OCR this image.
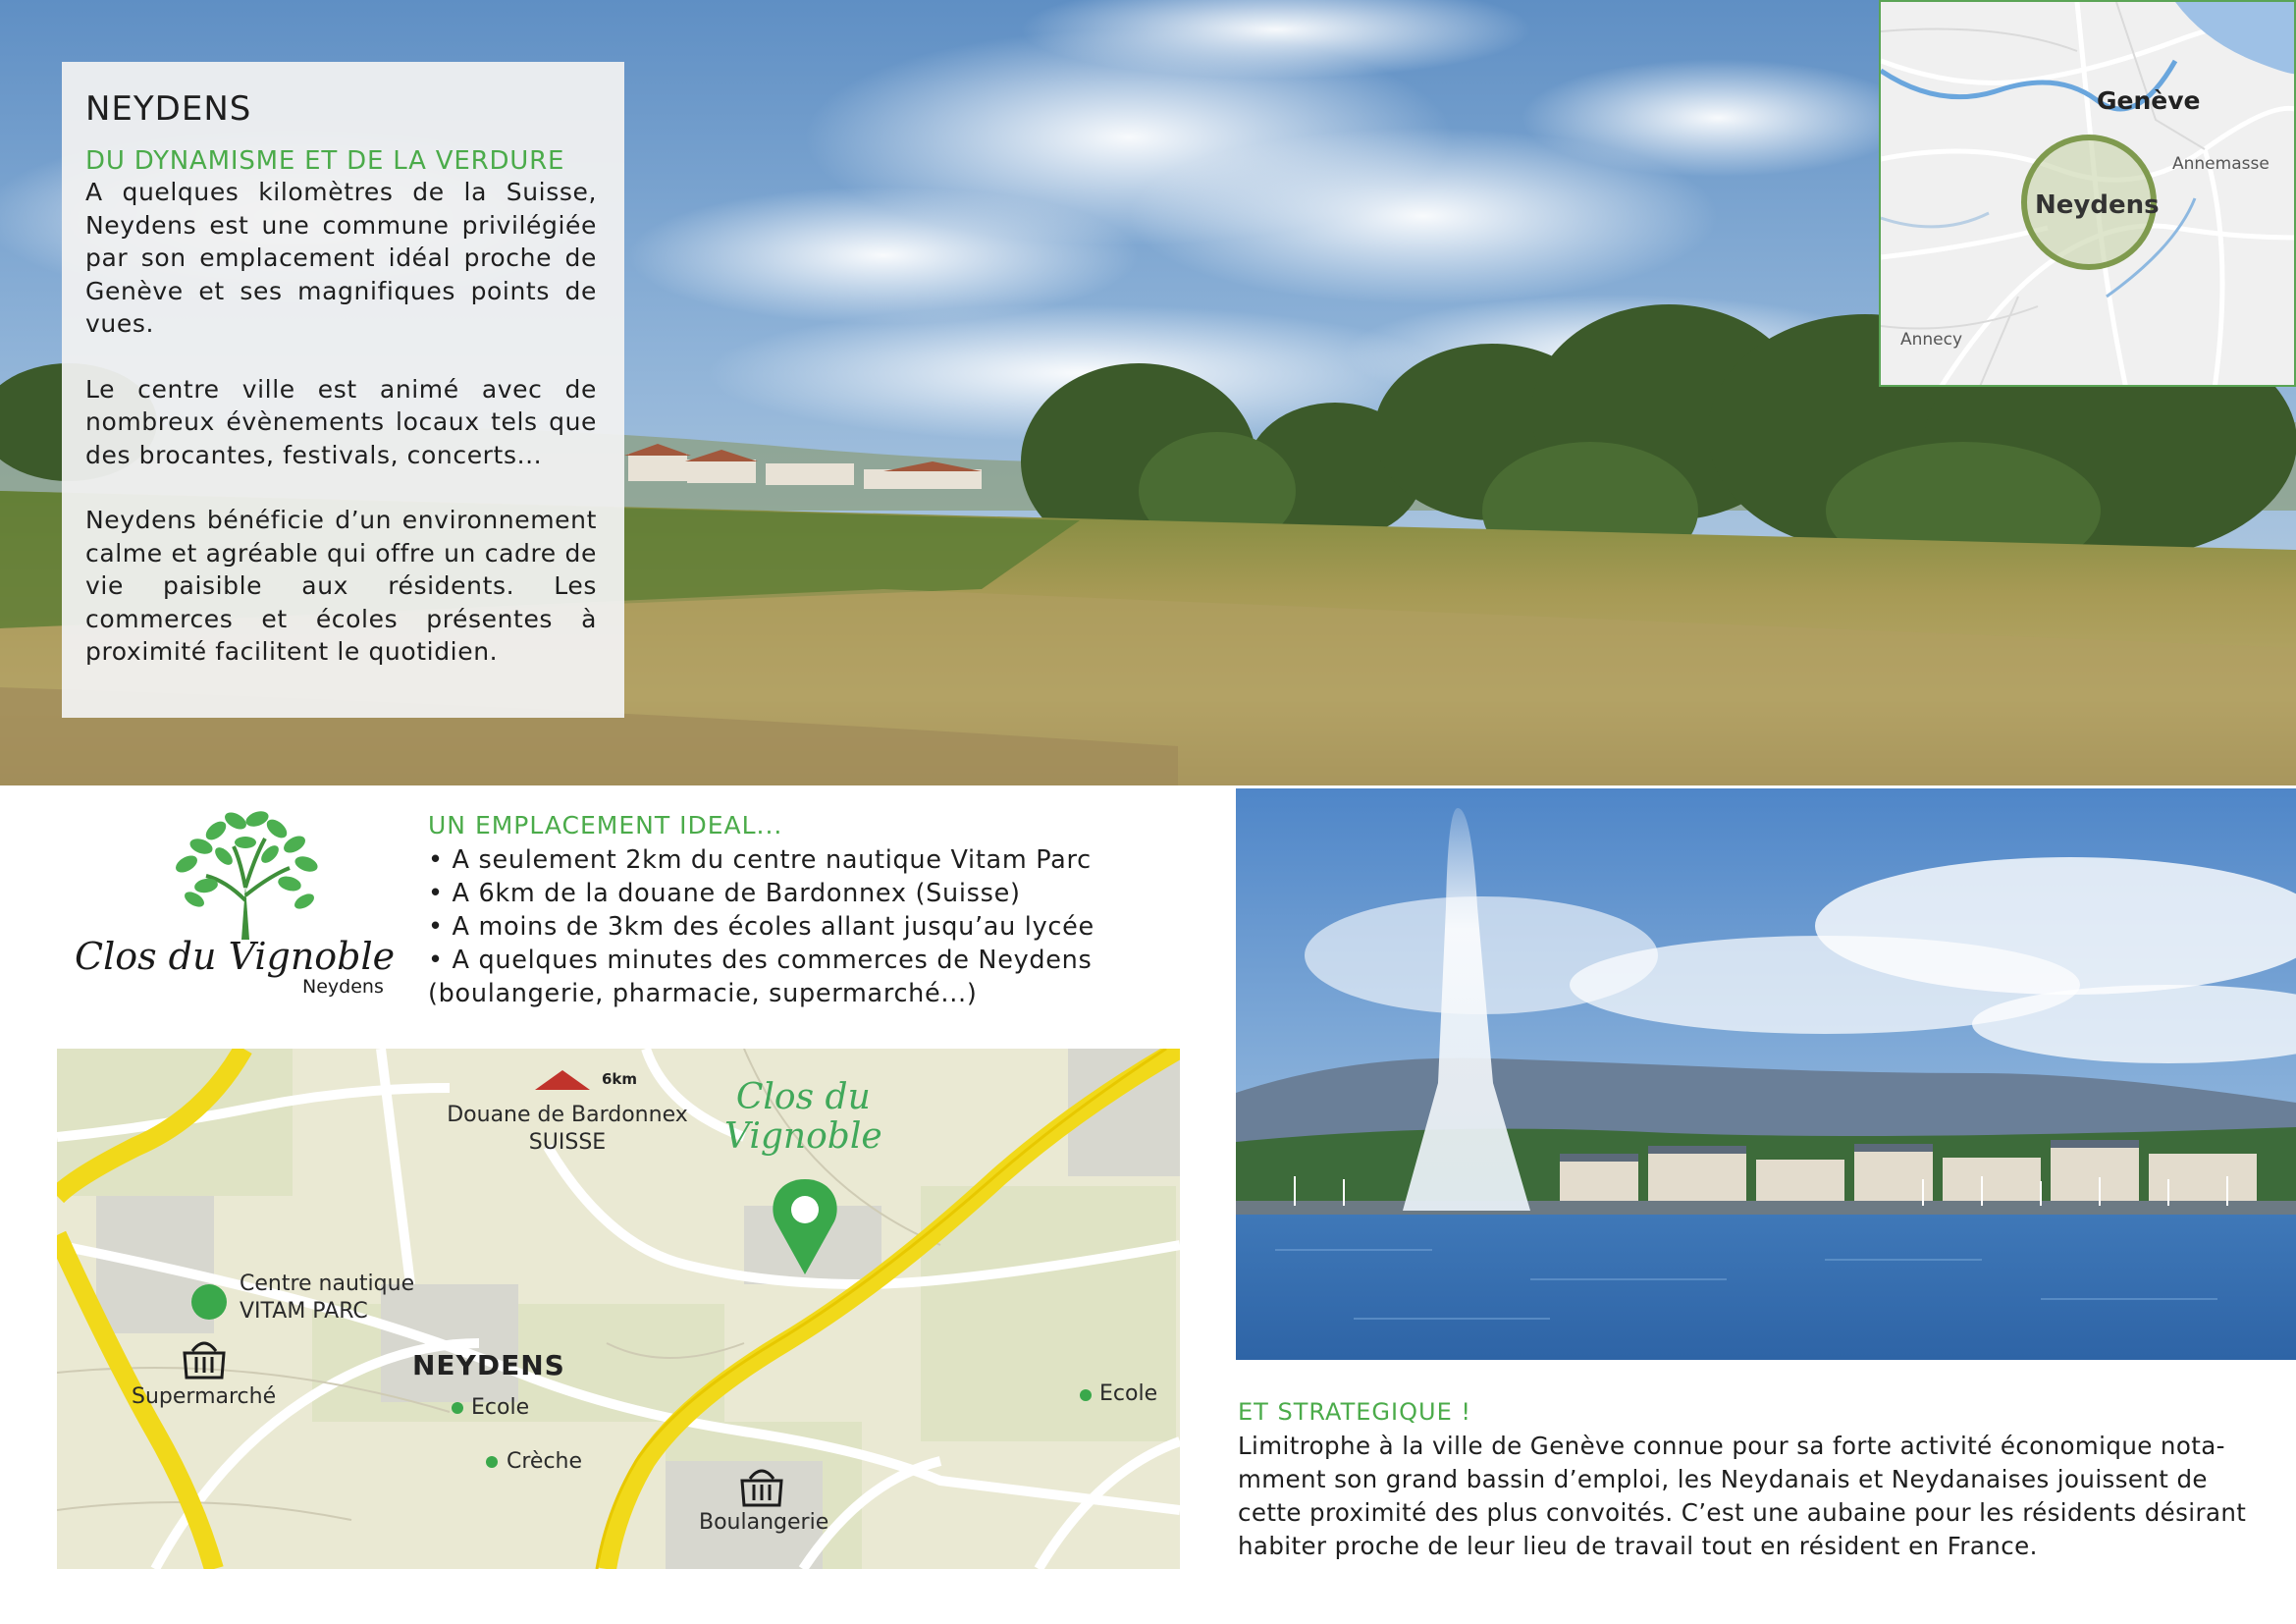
NEYDENS
DU DYNAMISME ET DE LA VERDURE

A quelques kilomètres de la Suisse, Neydens est une commune privilégiée par son emplacement idéal proche de Genève et ses magnifiques points de vues.

Le centre ville est animé avec de nombreux évènements locaux tels que des brocantes, festivals, concerts...

Neydens bénéficie d’un environnement calme et agréable qui offre un cadre de vie paisible aux résidents. Les commerces et écoles présentes à proximité facilitent le quotidien.

Genève
Annemasse
Neydens
Annecy
Clos du Vignoble
Neydens
UN EMPLACEMENT IDEAL...
• A seulement 2km du centre nautique Vitam Parc
• A 6km de la douane de Bardonnex (Suisse)
• A moins de 3km des écoles allant jusqu’au lycée
• A quelques minutes des commerces de Neydens
(boulangerie, pharmacie, supermarché...)
6km
Douane de Bardonnex
SUISSE
Clos du
Vignoble
Centre nautique
VITAM PARC
Supermarché
NEYDENS
Ecole
Crèche
Boulangerie
Ecole
ET STRATEGIQUE !

Limitrophe à la ville de Genève connue pour sa forte activité économique nota-

mment son grand bassin d’emploi, les Neydanais et Neydanaises jouissent de

cette proximité des plus convoités. C’est une aubaine pour les résidents désirant

habiter proche de leur lieu de travail tout en résident en France.
